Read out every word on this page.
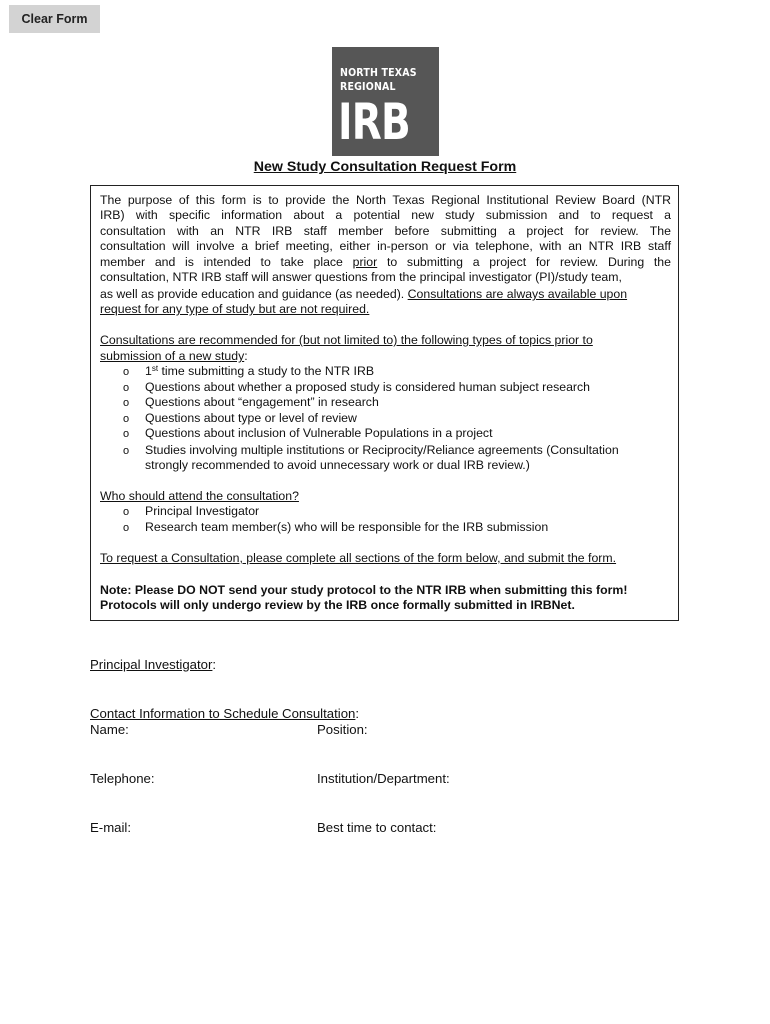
Clear Form
NORTH TEXAS
REGIONAL
IRB
New Study Consultation Request Form
The purpose of this form is to provide the North Texas Regional Institutional Review Board (NTR
IRB) with specific information about a potential new study submission and to request a
consultation with an NTR IRB staff member before submitting a project for review. The
consultation will involve a brief meeting, either in-person or via telephone, with an NTR IRB staff
member and is intended to take place prior to submitting a project for review. During the
consultation, NTR IRB staff will answer questions from the principal investigator (PI)/study team,
as well as provide education and guidance (as needed). Consultations are always available upon
request for any type of study but are not required.
Consultations are recommended for (but not limited to) the following types of topics prior to
submission of a new study:
o 1st time submitting a study to the NTR IRB
o Questions about whether a proposed study is considered human subject research
o Questions about “engagement” in research
o Questions about type or level of review
o Questions about inclusion of Vulnerable Populations in a project
o Studies involving multiple institutions or Reciprocity/Reliance agreements (Consultation
strongly recommended to avoid unnecessary work or dual IRB review.)
Who should attend the consultation?
o Principal Investigator
o Research team member(s) who will be responsible for the IRB submission
To request a Consultation, please complete all sections of the form below, and submit the form.
Note: Please DO NOT send your study protocol to the NTR IRB when submitting this form!
Protocols will only undergo review by the IRB once formally submitted in IRBNet.
Principal Investigator:
Contact Information to Schedule Consultation:
Name:	Position:
Telephone:	Institution/Department:
E-mail:	Best time to contact:
